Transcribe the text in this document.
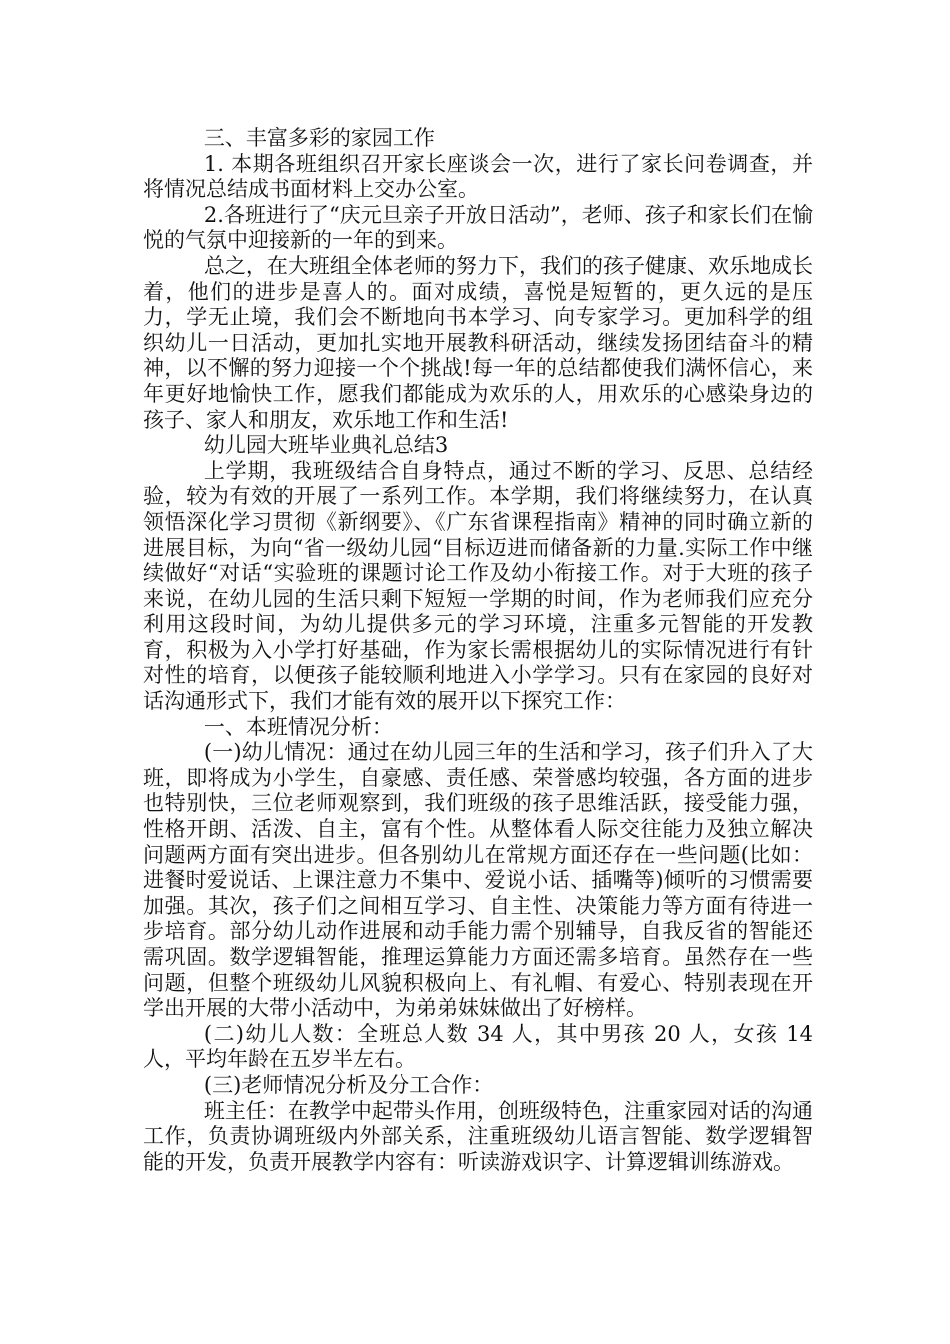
三、丰富多彩的家园工作

1. 本期各班组织召开家长座谈会一次，进行了家长问卷调查，并将情况总结成书面材料上交办公室。

2.各班进行了“庆元旦亲子开放日活动”，老师、孩子和家长们在愉悦的气氛中迎接新的一年的到来。

总之，在大班组全体老师的努力下，我们的孩子健康、欢乐地成长着，他们的进步是喜人的。面对成绩，喜悦是短暂的，更久远的是压力，学无止境，我们会不断地向书本学习、向专家学习。更加科学的组织幼儿一日活动，更加扎实地开展教科研活动，继续发扬团结奋斗的精神，以不懈的努力迎接一个个挑战!每一年的总结都使我们满怀信心，来年更好地愉快工作，愿我们都能成为欢乐的人，用欢乐的心感染身边的孩子、家人和朋友，欢乐地工作和生活!

幼儿园大班毕业典礼总结3

上学期，我班级结合自身特点，通过不断的学习、反思、总结经验，较为有效的开展了一系列工作。本学期，我们将继续努力，在认真领悟深化学习贯彻《新纲要》、《广东省课程指南》精神的同时确立新的进展目标，为向“省一级幼儿园“目标迈进而储备新的力量.实际工作中继续做好“对话“实验班的课题讨论工作及幼小衔接工作。对于大班的孩子来说，在幼儿园的生活只剩下短短一学期的时间，作为老师我们应充分利用这段时间，为幼儿提供多元的学习环境，注重多元智能的开发教育，积极为入小学打好基础，作为家长需根据幼儿的实际情况进行有针对性的培育，以便孩子能较顺利地进入小学学习。只有在家园的良好对话沟通形式下，我们才能有效的展开以下探究工作：

一、本班情况分析：

(一)幼儿情况：通过在幼儿园三年的生活和学习，孩子们升入了大班，即将成为小学生，自豪感、责任感、荣誉感均较强，各方面的进步也特别快，三位老师观察到，我们班级的孩子思维活跃，接受能力强，性格开朗、活泼、自主，富有个性。从整体看人际交往能力及独立解决问题两方面有突出进步。但各别幼儿在常规方面还存在一些问题(比如：进餐时爱说话、上课注意力不集中、爱说小话、插嘴等)倾听的习惯需要加强。其次，孩子们之间相互学习、自主性、决策能力等方面有待进一步培育。部分幼儿动作进展和动手能力需个别辅导，自我反省的智能还需巩固。数学逻辑智能，推理运算能力方面还需多培育。虽然存在一些问题，但整个班级幼儿风貌积极向上、有礼帽、有爱心、特别表现在开学出开展的大带小活动中，为弟弟妹妹做出了好榜样。

(二)幼儿人数：全班总人数 34 人，其中男孩 20 人，女孩 14 人，平均年龄在五岁半左右。

(三)老师情况分析及分工合作：

班主任：在教学中起带头作用，创班级特色，注重家园对话的沟通工作，负责协调班级内外部关系，注重班级幼儿语言智能、数学逻辑智能的开发，负责开展教学内容有：听读游戏识字、计算逻辑训练游戏。
